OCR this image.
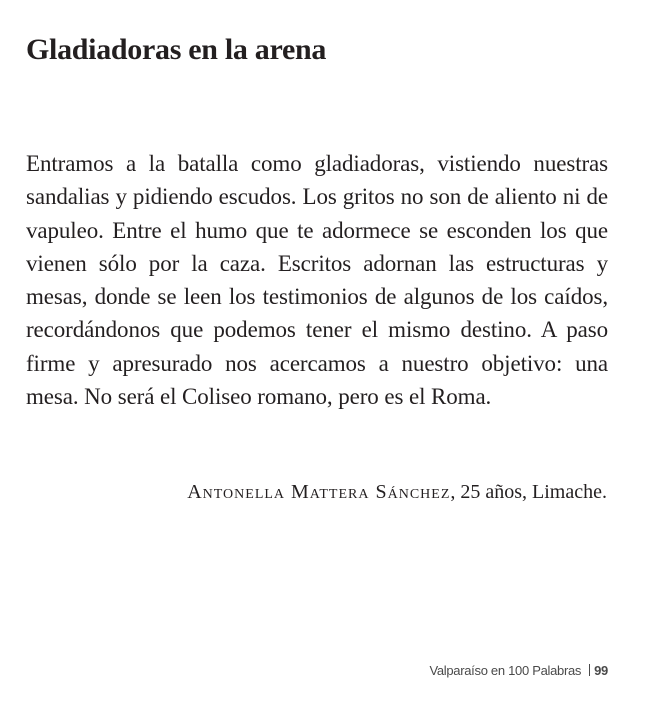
Gladiadoras en la arena

Entramos a la batalla como gladiadoras, vistiendo nuestras sandalias y pidiendo escudos. Los gritos no son de aliento ni de vapuleo. Entre el humo que te adormece se esconden los que vienen sólo por la caza. Escritos adornan las estructuras y mesas, donde se leen los testimonios de algunos de los caídos, recordándonos que podemos tener el mismo destino. A paso firme y apresurado nos acercamos a nuestro objetivo: una mesa. No será el Coliseo romano, pero es el Roma.

Antonella Mattera Sánchez, 25 años, Limache.

Valparaíso en 100 Palabras 99
